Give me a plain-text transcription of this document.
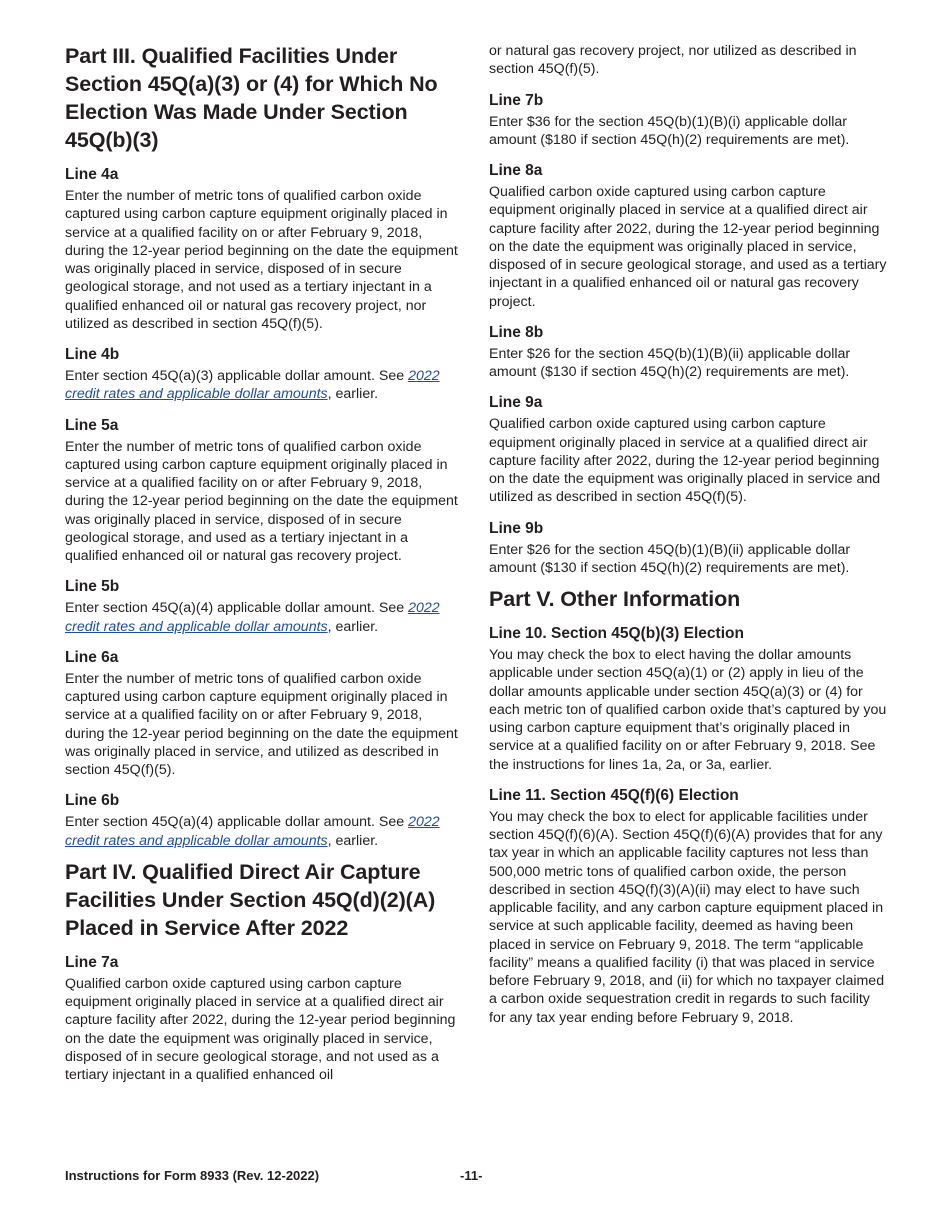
Part III. Qualified Facilities Under Section 45Q(a)(3) or (4) for Which No Election Was Made Under Section 45Q(b)(3)
Line 4a

Enter the number of metric tons of qualified carbon oxide captured using carbon capture equipment originally placed in service at a qualified facility on or after February 9, 2018, during the 12-year period beginning on the date the equipment was originally placed in service, disposed of in secure geological storage, and not used as a tertiary injectant in a qualified enhanced oil or natural gas recovery project, nor utilized as described in section 45Q(f)(5).

Line 4b

Enter section 45Q(a)(3) applicable dollar amount. See 2022 credit rates and applicable dollar amounts, earlier.

Line 5a

Enter the number of metric tons of qualified carbon oxide captured using carbon capture equipment originally placed in service at a qualified facility on or after February 9, 2018, during the 12-year period beginning on the date the equipment was originally placed in service, disposed of in secure geological storage, and used as a tertiary injectant in a qualified enhanced oil or natural gas recovery project.

Line 5b

Enter section 45Q(a)(4) applicable dollar amount. See 2022 credit rates and applicable dollar amounts, earlier.

Line 6a

Enter the number of metric tons of qualified carbon oxide captured using carbon capture equipment originally placed in service at a qualified facility on or after February 9, 2018, during the 12-year period beginning on the date the equipment was originally placed in service, and utilized as described in section 45Q(f)(5).

Line 6b

Enter section 45Q(a)(4) applicable dollar amount. See 2022 credit rates and applicable dollar amounts, earlier.

Part IV. Qualified Direct Air Capture Facilities Under Section 45Q(d)(2)(A) Placed in Service After 2022
Line 7a

Qualified carbon oxide captured using carbon capture equipment originally placed in service at a qualified direct air capture facility after 2022, during the 12-year period beginning on the date the equipment was originally placed in service, disposed of in secure geological storage, and not used as a tertiary injectant in a qualified enhanced oil

or natural gas recovery project, nor utilized as described in section 45Q(f)(5).

Line 7b

Enter $36 for the section 45Q(b)(1)(B)(i) applicable dollar amount ($180 if section 45Q(h)(2) requirements are met).

Line 8a

Qualified carbon oxide captured using carbon capture equipment originally placed in service at a qualified direct air capture facility after 2022, during the 12-year period beginning on the date the equipment was originally placed in service, disposed of in secure geological storage, and used as a tertiary injectant in a qualified enhanced oil or natural gas recovery project.

Line 8b

Enter $26 for the section 45Q(b)(1)(B)(ii) applicable dollar amount ($130 if section 45Q(h)(2) requirements are met).

Line 9a

Qualified carbon oxide captured using carbon capture equipment originally placed in service at a qualified direct air capture facility after 2022, during the 12-year period beginning on the date the equipment was originally placed in service and utilized as described in section 45Q(f)(5).

Line 9b

Enter $26 for the section 45Q(b)(1)(B)(ii) applicable dollar amount ($130 if section 45Q(h)(2) requirements are met).

Part V. Other Information
Line 10. Section 45Q(b)(3) Election

You may check the box to elect having the dollar amounts applicable under section 45Q(a)(1) or (2) apply in lieu of the dollar amounts applicable under section 45Q(a)(3) or (4) for each metric ton of qualified carbon oxide that’s captured by you using carbon capture equipment that’s originally placed in service at a qualified facility on or after February 9, 2018. See the instructions for lines 1a, 2a, or 3a, earlier.

Line 11. Section 45Q(f)(6) Election

You may check the box to elect for applicable facilities under section 45Q(f)(6)(A). Section 45Q(f)(6)(A) provides that for any tax year in which an applicable facility captures not less than 500,000 metric tons of qualified carbon oxide, the person described in section 45Q(f)(3)(A)(ii) may elect to have such applicable facility, and any carbon capture equipment placed in service at such applicable facility, deemed as having been placed in service on February 9, 2018. The term “applicable facility” means a qualified facility (i) that was placed in service before February 9, 2018, and (ii) for which no taxpayer claimed a carbon oxide sequestration credit in regards to such facility for any tax year ending before February 9, 2018.

Instructions for Form 8933 (Rev. 12-2022)	-11-
